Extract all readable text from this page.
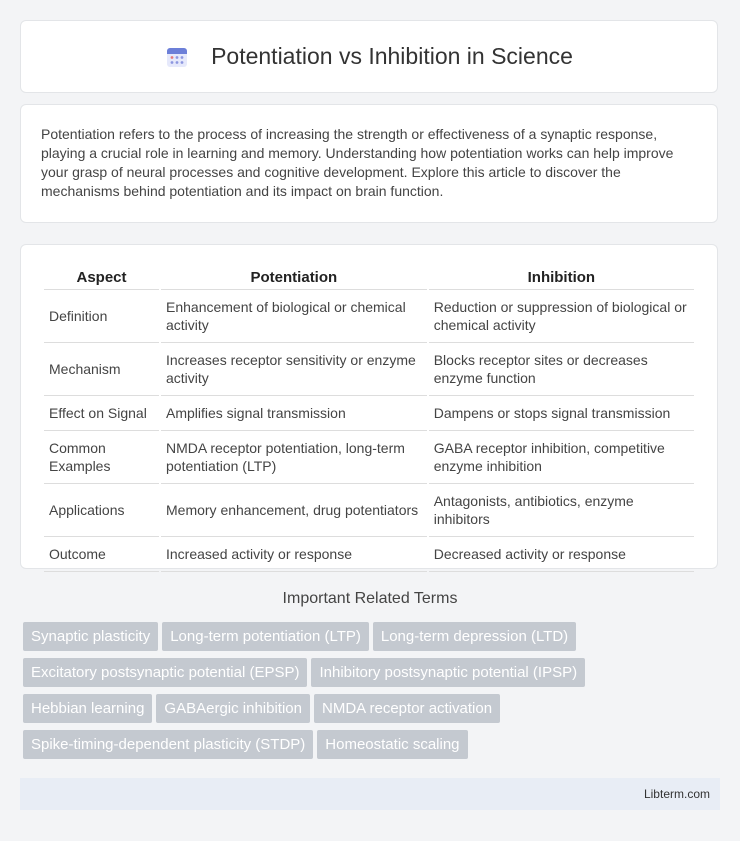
Potentiation vs Inhibition in Science

Potentiation refers to the process of increasing the strength or effectiveness of a synaptic response, playing a crucial role in learning and memory. Understanding how potentiation works can help improve your grasp of neural processes and cognitive development. Explore this article to discover the mechanisms behind potentiation and its impact on brain function.

Aspect	Potentiation	Inhibition
Definition	Enhancement of biological or chemical activity	Reduction or suppression of biological or chemical activity
Mechanism	Increases receptor sensitivity or enzyme activity	Blocks receptor sites or decreases enzyme function
Effect on Signal	Amplifies signal transmission	Dampens or stops signal transmission
Common Examples	NMDA receptor potentiation, long-term potentiation (LTP)	GABA receptor inhibition, competitive enzyme inhibition
Applications	Memory enhancement, drug potentiators	Antagonists, antibiotics, enzyme inhibitors
Outcome	Increased activity or response	Decreased activity or response
Important Related Terms
Synaptic plasticity Long-term potentiation (LTP) Long-term depression (LTD)
Excitatory postsynaptic potential (EPSP) Inhibitory postsynaptic potential (IPSP)
Hebbian learning GABAergic inhibition NMDA receptor activation
Spike-timing-dependent plasticity (STDP) Homeostatic scaling
Libterm.com
